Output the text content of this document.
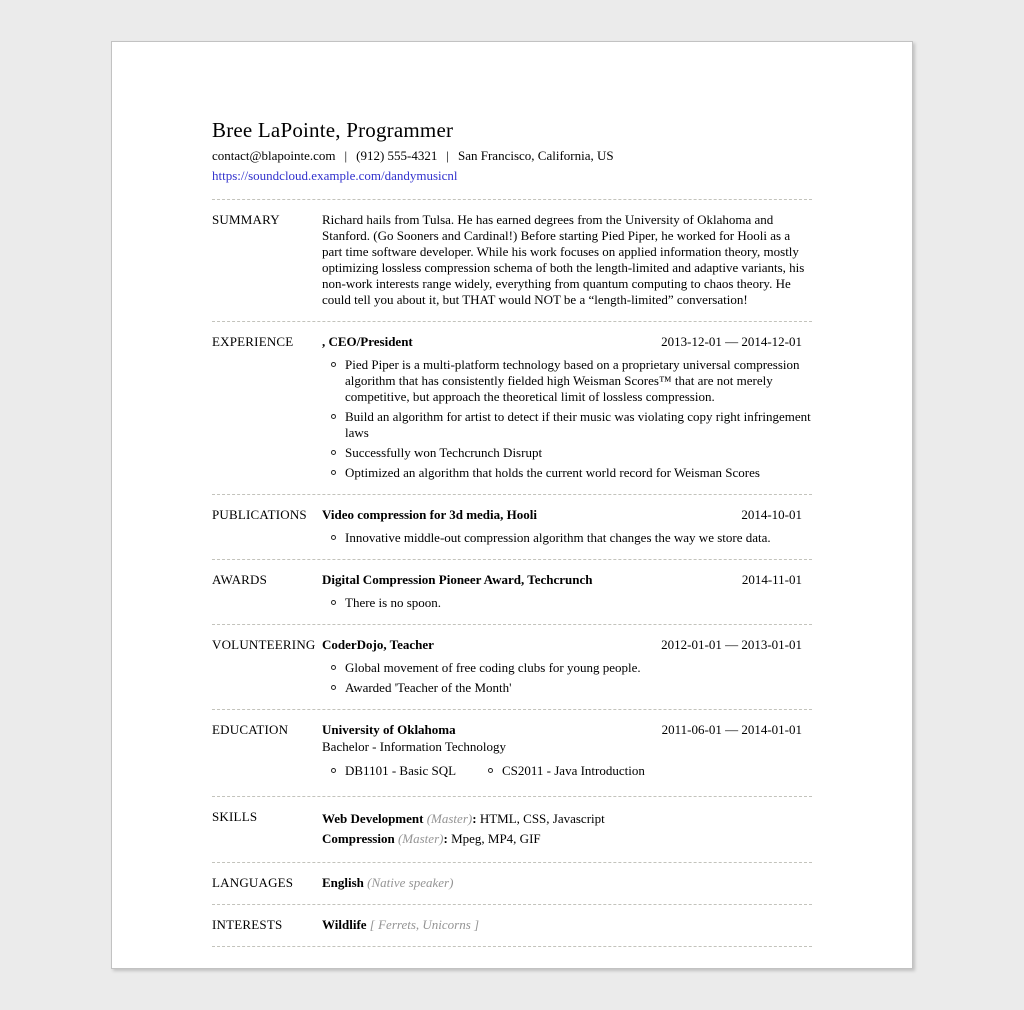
Bree LaPointe, Programmer
contact@blapointe.com | (912) 555-4321 | San Francisco, California, US
https://soundcloud.example.com/dandymusicnl
SUMMARY	Richard hails from Tulsa. He has earned degrees from the University of Oklahoma and Stanford. (Go Sooners and Cardinal!) Before starting Pied Piper, he worked for Hooli as a part time software developer. While his work focuses on applied information theory, mostly optimizing lossless compression schema of both the length-limited and adaptive variants, his non-work interests range widely, everything from quantum computing to chaos theory. He could tell you about it, but THAT would NOT be a “length-limited” conversation!

EXPERIENCE	, CEO/President	2013-12-01 — 2014-12-01
Pied Piper is a multi-platform technology based on a proprietary universal compression algorithm that has consistently fielded high Weisman Scores™ that are not merely competitive, but approach the theoretical limit of lossless compression.
Build an algorithm for artist to detect if their music was violating copy right infringement laws
Successfully won Techcrunch Disrupt
Optimized an algorithm that holds the current world record for Weisman Scores
PUBLICATIONS	Video compression for 3d media, Hooli	2014-10-01
Innovative middle-out compression algorithm that changes the way we store data.
AWARDS	Digital Compression Pioneer Award, Techcrunch	2014-11-01
There is no spoon.
VOLUNTEERING CoderDojo, Teacher	2012-01-01 — 2013-01-01
Global movement of free coding clubs for young people.
Awarded 'Teacher of the Month'
EDUCATION	University of Oklahoma	2011-06-01 — 2014-01-01
Bachelor - Information Technology
DB1101 - Basic SQL	CS2011 - Java Introduction
SKILLS	Web Development (Master): HTML, CSS, Javascript
Compression (Master): Mpeg, MP4, GIF
LANGUAGES	English (Native speaker)
INTERESTS	Wildlife [ Ferrets, Unicorns ]
